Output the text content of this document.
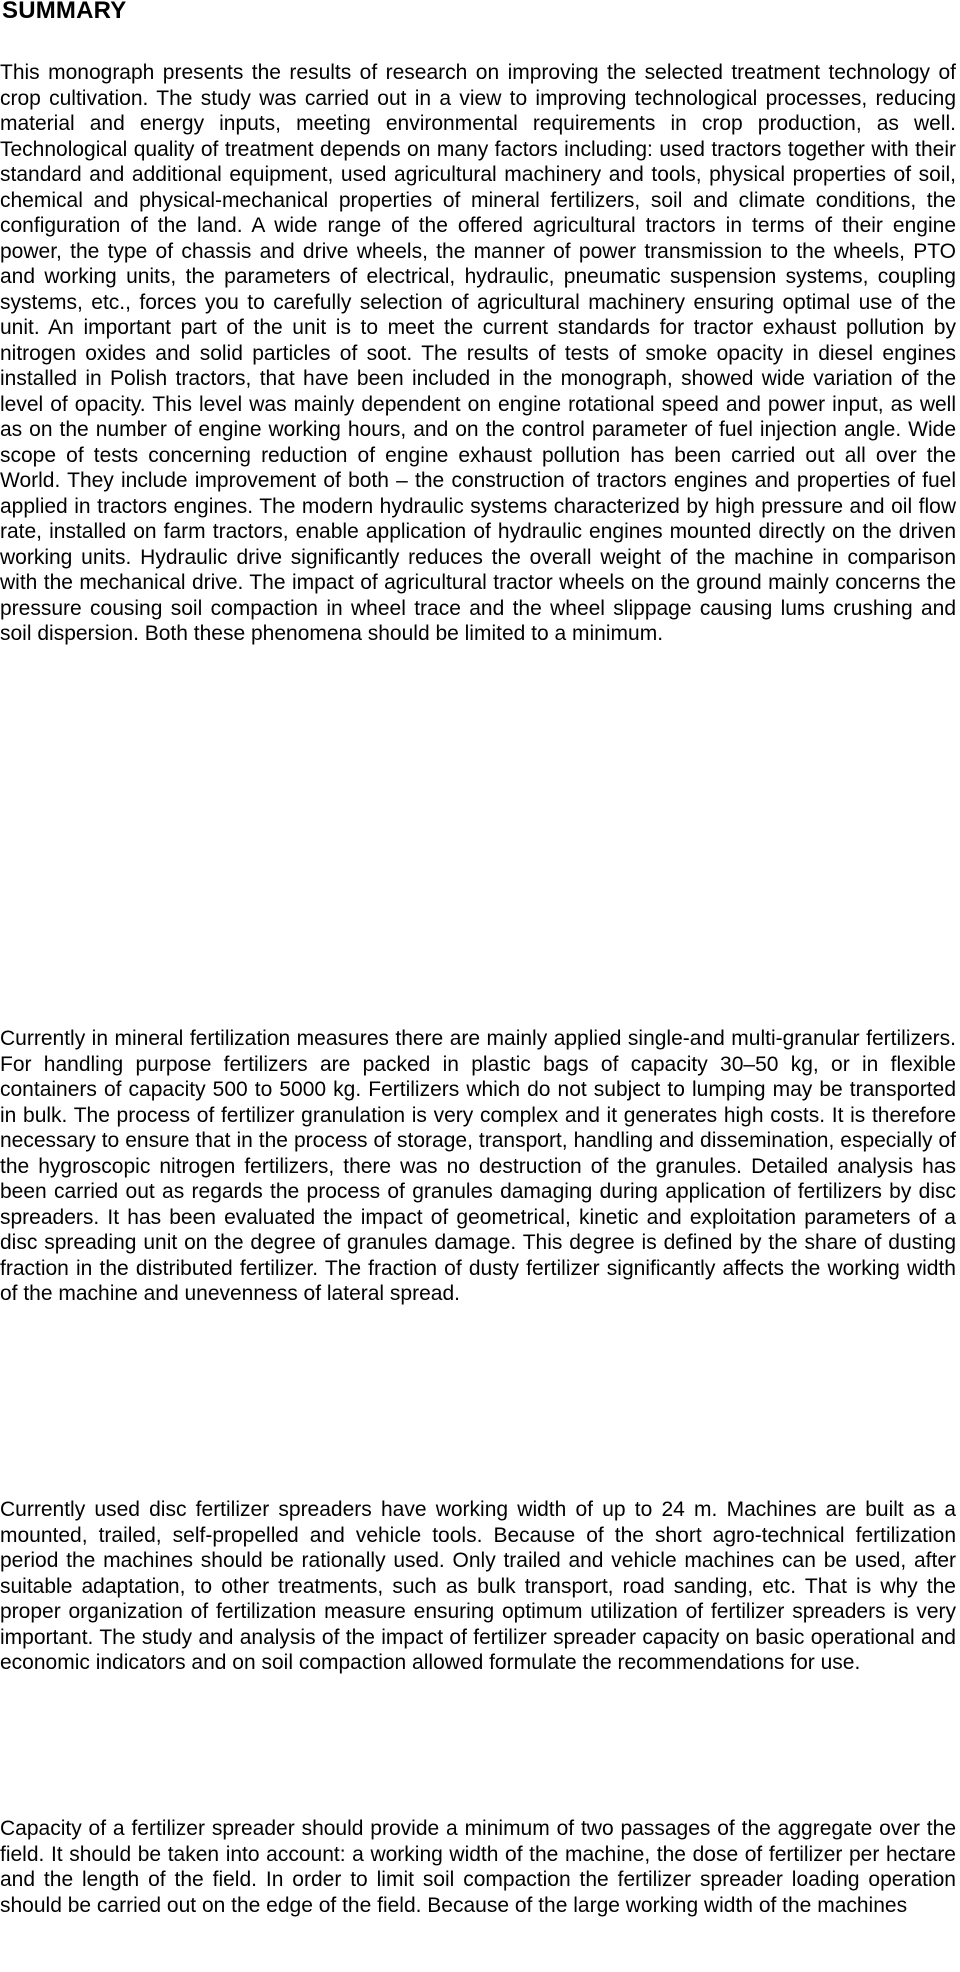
SUMMARY

This monograph presents the results of research on improving the selected treatment technology of crop cultivation. The study was carried out in a view to improving technological processes, reducing material and energy inputs, meeting environmental requirements in crop production, as well. Technological quality of treatment depends on many factors including: used tractors together with their standard and additional equipment, used agricultural machinery and tools, physical properties of soil, chemical and physical-mechanical properties of mineral fertilizers, soil and climate conditions, the configuration of the land. A wide range of the offered agricultural tractors in terms of their engine power, the type of chassis and drive wheels, the manner of power transmission to the wheels, PTO and working units, the parameters of electrical, hydraulic, pneumatic suspension systems, coupling systems, etc., forces you to carefully selection of agricultural machinery ensuring optimal use of the unit. An important part of the unit is to meet the current standards for tractor exhaust pollution by nitrogen oxides and solid particles of soot. The results of tests of smoke opacity in diesel engines installed in Polish tractors, that have been included in the monograph, showed wide variation of the level of opacity. This level was mainly dependent on engine rotational speed and power input, as well as on the number of engine working hours, and on the control parameter of fuel injection angle. Wide scope of tests concerning reduction of engine exhaust pollution has been carried out all over the World. They include improvement of both – the construction of tractors engines and properties of fuel applied in tractors engines. The modern hydraulic systems characterized by high pressure and oil flow rate, installed on farm tractors, enable application of hydraulic engines mounted directly on the driven working units. Hydraulic drive significantly reduces the overall weight of the machine in comparison with the mechanical drive. The impact of agricultural tractor wheels on the ground mainly concerns the pressure cousing soil compaction in wheel trace and the wheel slippage causing lums crushing and soil dispersion. Both these phenomena should be limited to a minimum.

Currently in mineral fertilization measures there are mainly applied single-and multi-granular fertilizers. For handling purpose fertilizers are packed in plastic bags of capacity 30–50 kg, or in flexible containers of capacity 500 to 5000 kg. Fertilizers which do not subject to lumping may be transported in bulk. The process of fertilizer granulation is very complex and it generates high costs. It is therefore necessary to ensure that in the process of storage, transport, handling and dissemination, especially of the hygroscopic nitrogen fertilizers, there was no destruction of the granules. Detailed analysis has been carried out as regards the process of granules damaging during application of fertilizers by disc spreaders. It has been evaluated the impact of geometrical, kinetic and exploitation parameters of a disc spreading unit on the degree of granules damage. This degree is defined by the share of dusting fraction in the distributed fertilizer. The fraction of dusty fertilizer significantly affects the working width of the machine and unevenness of lateral spread.

Currently used disc fertilizer spreaders have working width of up to 24 m. Machines are built as a mounted, trailed, self-propelled and vehicle tools. Because of the short agro-technical fertilization period the machines should be rationally used. Only trailed and vehicle machines can be used, after suitable adaptation, to other treatments, such as bulk transport, road sanding, etc. That is why the proper organization of fertilization measure ensuring optimum utilization of fertilizer spreaders is very important. The study and analysis of the impact of fertilizer spreader capacity on basic operational and economic indicators and on soil compaction allowed formulate the recommendations for use.

Capacity of a fertilizer spreader should provide a minimum of two passages of the aggregate over the field. It should be taken into account: a working width of the machine, the dose of fertilizer per hectare and the length of the field. In order to limit soil compaction the fertilizer spreader loading operation should be carried out on the edge of the field. Because of the large working width of the machines
